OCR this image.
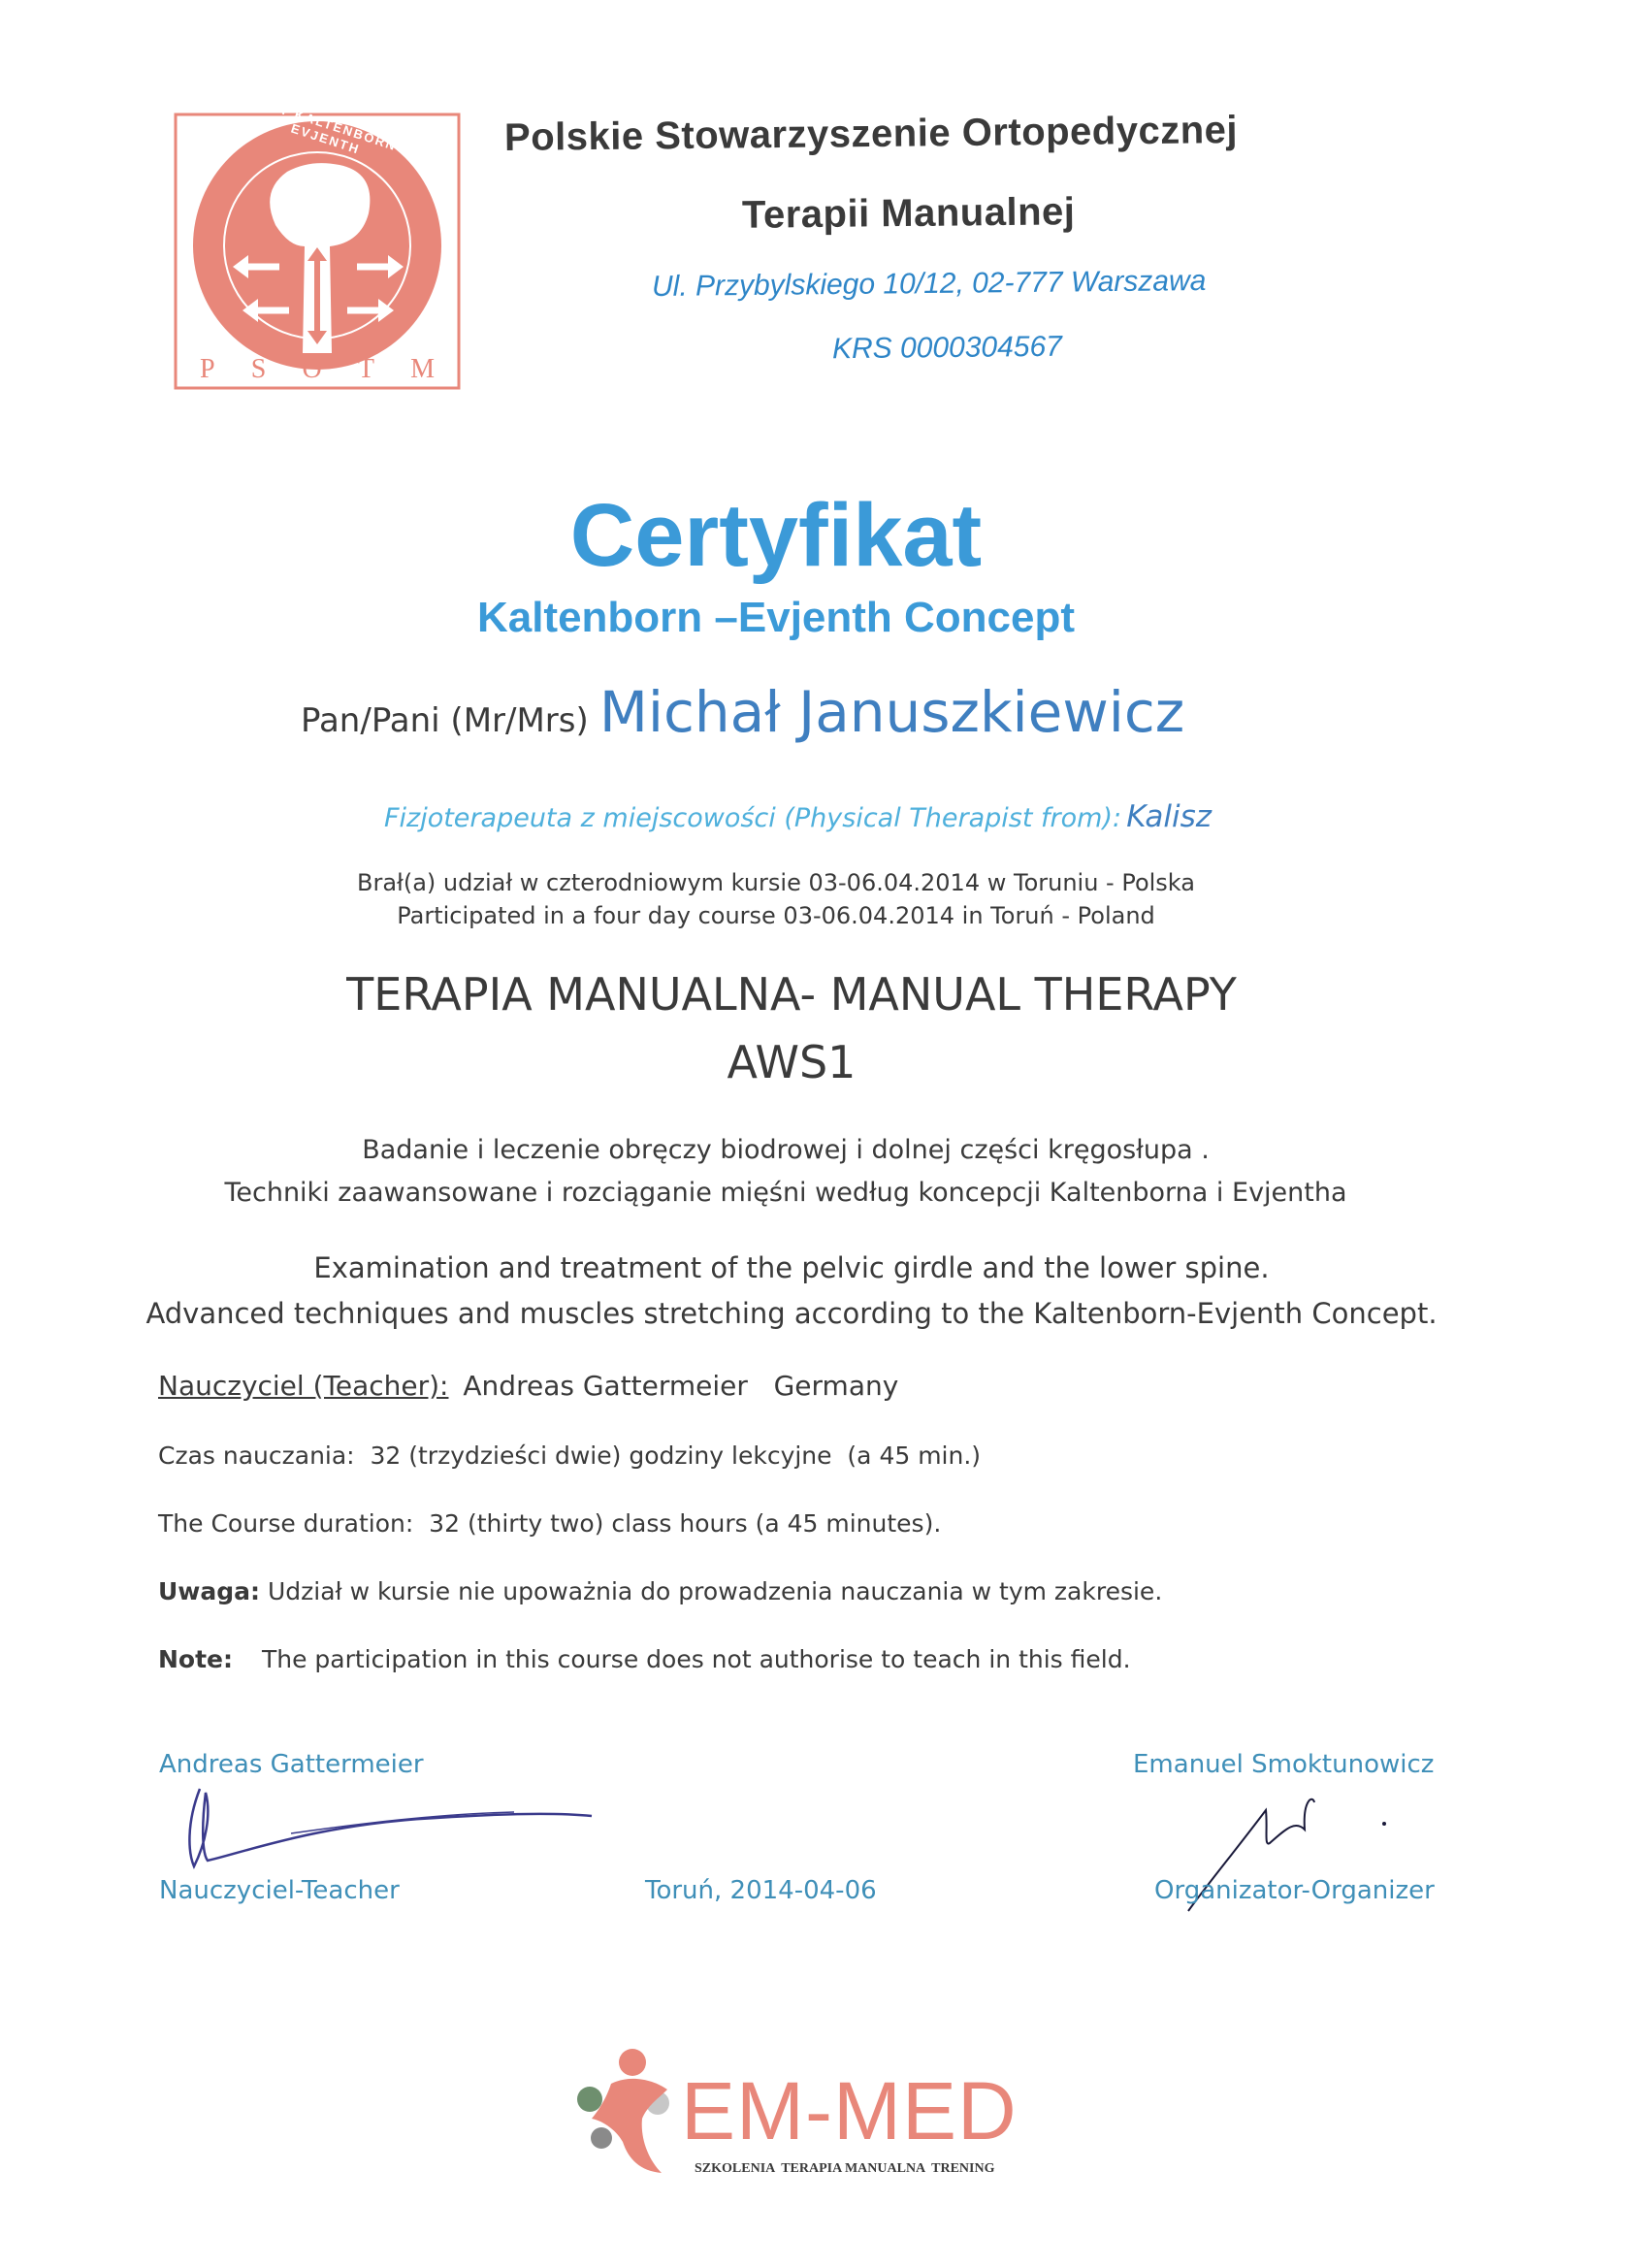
OMT KALTENBORN-EVJENTH
P S O T M
Polskie Stowarzyszenie Ortopedycznej
Terapii Manualnej
Ul. Przybylskiego 10/12, 02-777 Warszawa
KRS 0000304567
Certyfikat
Kaltenborn –Evjenth Concept
Pan/Pani (Mr/Mrs) Michał Januszkiewicz
Fizjoterapeuta z miejscowości (Physical Therapist from): Kalisz
Brał(a) udział w czterodniowym kursie 03-06.04.2014 w Toruniu - Polska
Participated in a four day course 03-06.04.2014 in Toruń - Poland
TERAPIA MANUALNA- MANUAL THERAPY
AWS1
Badanie i leczenie obręczy biodrowej i dolnej części kręgosłupa .
Techniki zaawansowane i rozciąganie mięśni według koncepcji Kaltenborna i Evjentha
Examination and treatment of the pelvic girdle and the lower spine.
Advanced techniques and muscles stretching according to the Kaltenborn-Evjenth Concept.
Nauczyciel (Teacher): Andreas Gattermeier   Germany
Czas nauczania:  32 (trzydzieści dwie) godziny lekcyjne  (a 45 min.)
The Course duration:  32 (thirty two) class hours (a 45 minutes).
Uwaga: Udział w kursie nie upoważnia do prowadzenia nauczania w tym zakresie.
Note: The participation in this course does not authorise to teach in this field.
Andreas Gattermeier
Nauczyciel-Teacher	Toruń, 2014-04-06
Emanuel Smoktunowicz
Organizator-Organizer
EM-MED
SZKOLENIA  TERAPIA MANUALNA  TRENING
